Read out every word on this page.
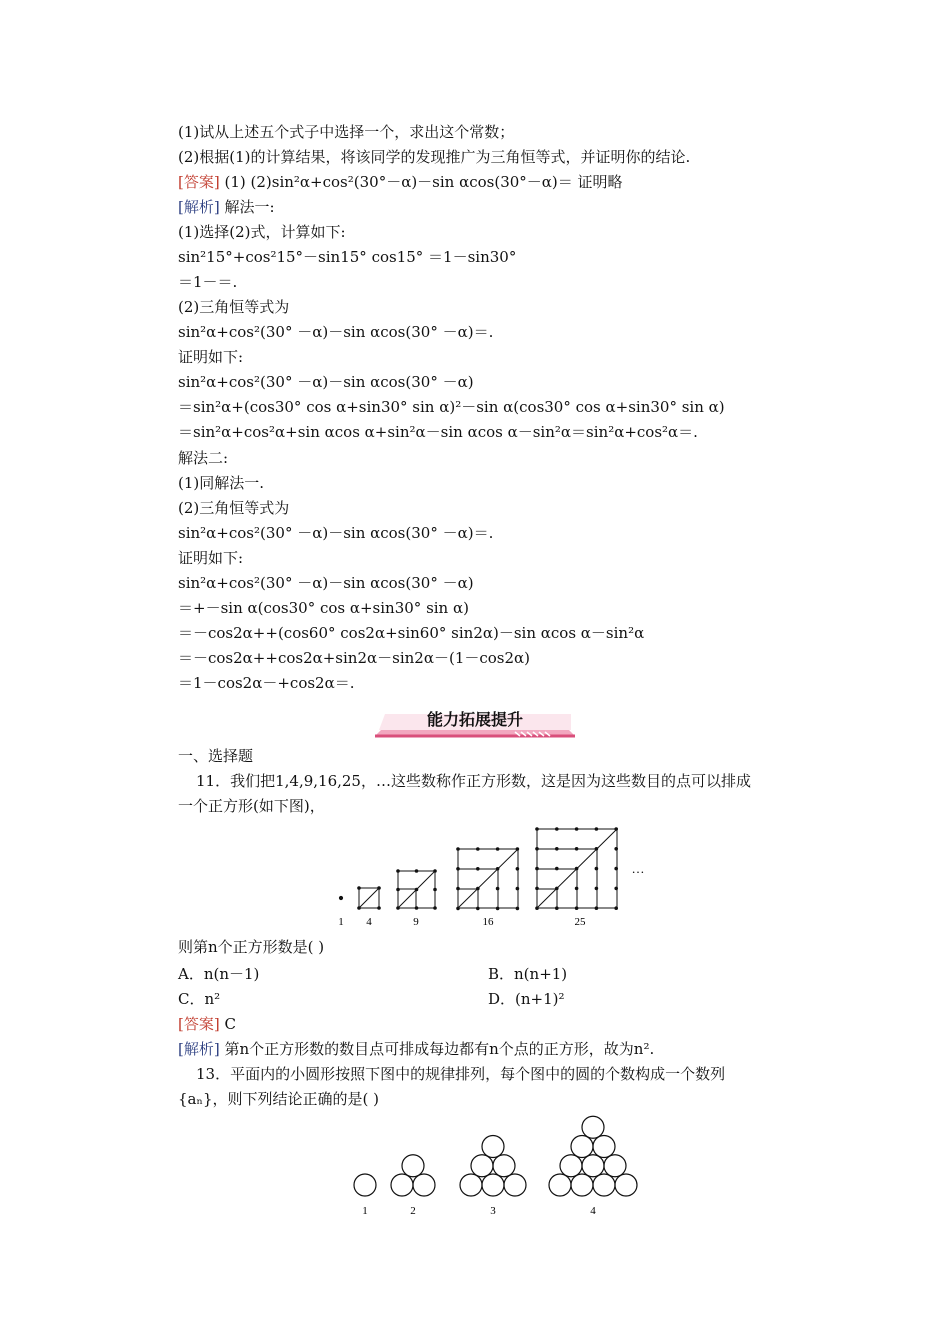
(1)试从上述五个式子中选择一个，求出这个常数；
(2)根据(1)的计算结果，将该同学的发现推广为三角恒等式，并证明你的结论.
[答案] (1) (2)sin²α+cos²(30°－α)－sin αcos(30°－α)＝ 证明略
[解析] 解法一:
(1)选择(2)式，计算如下:
sin²15°+cos²15°－sin15° cos15° ＝1－sin30°
＝1－＝.
(2)三角恒等式为
sin²α+cos²(30° －α)－sin αcos(30° －α)＝.
证明如下:
sin²α+cos²(30° －α)－sin αcos(30° －α)
＝sin²α+(cos30° cos α+sin30° sin α)²－sin α(cos30° cos α+sin30° sin α)
＝sin²α+cos²α+sin αcos α+sin²α－sin αcos α－sin²α＝sin²α+cos²α＝.
解法二:
(1)同解法一.
(2)三角恒等式为
sin²α+cos²(30° －α)－sin αcos(30° －α)＝.
证明如下:
sin²α+cos²(30° －α)－sin αcos(30° －α)
＝+－sin α(cos30° cos α+sin30° sin α)
＝－cos2α++(cos60° cos2α+sin60° sin2α)－sin αcos α－sin²α
＝－cos2α++cos2α+sin2α－sin2α－(1－cos2α)
＝1－cos2α－+cos2α＝.
能力拓展提升
一、选择题
11．我们把1,4,9,16,25，…这些数称作正方形数，这是因为这些数目的点可以排成
一个正方形(如下图)，
1 4	9	16	25
…
则第n个正方形数是( )
A．n(n－1)	B．n(n+1)
C．n²	D．(n+1)²
[答案] C
[解析] 第n个正方形数的数目点可排成每边都有n个点的正方形，故为n².
13．平面内的小圆形按照下图中的规律排列，每个图中的圆的个数构成一个数列
{aₙ}，则下列结论正确的是( )
1	2	3	4
